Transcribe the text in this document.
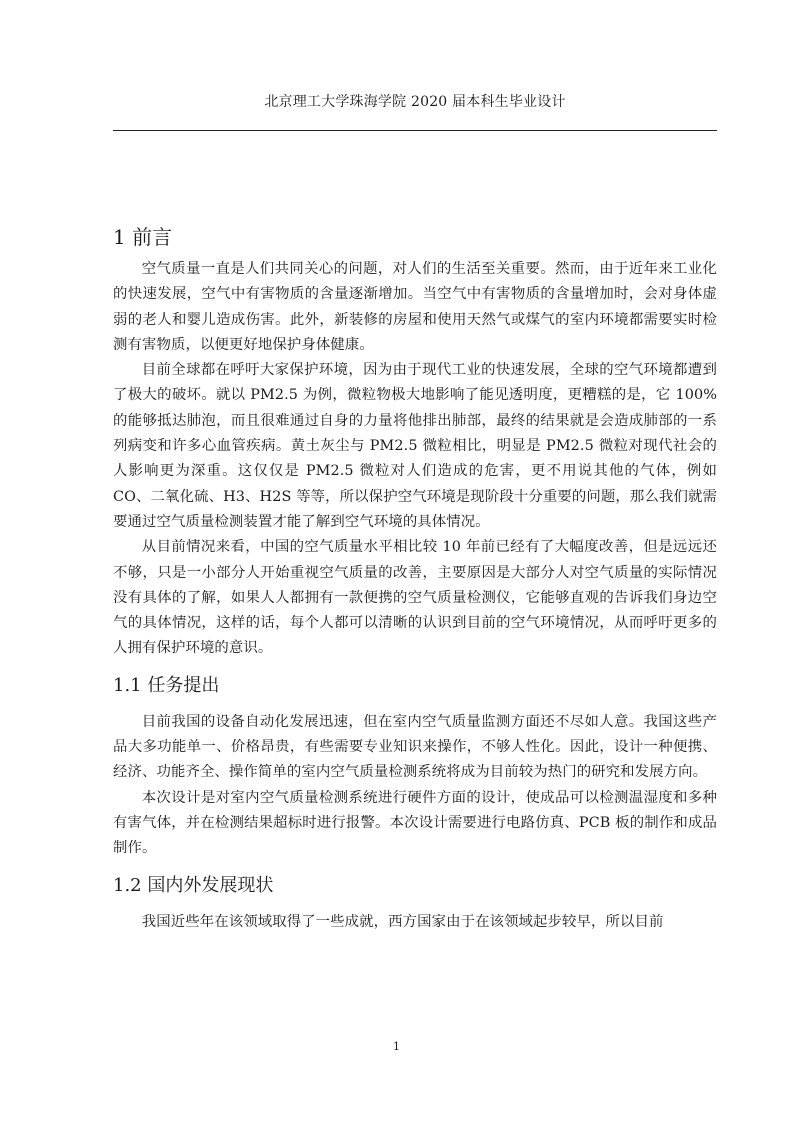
北京理工大学珠海学院 2020 届本科生毕业设计
1 前言

空气质量一直是人们共同关心的问题，对人们的生活至关重要。然而，由于近年来工业化的快速发展，空气中有害物质的含量逐渐增加。当空气中有害物质的含量增加时，会对身体虚弱的老人和婴儿造成伤害。此外，新装修的房屋和使用天然气或煤气的室内环境都需要实时检测有害物质，以便更好地保护身体健康。

目前全球都在呼吁大家保护环境，因为由于现代工业的快速发展，全球的空气环境都遭到了极大的破坏。就以 PM2.5 为例，微粒物极大地影响了能见透明度，更糟糕的是，它 100%的能够抵达肺泡，而且很难通过自身的力量将他排出肺部，最终的结果就是会造成肺部的一系列病变和许多心血管疾病。黄土灰尘与 PM2.5 微粒相比，明显是 PM2.5 微粒对现代社会的人影响更为深重。这仅仅是 PM2.5 微粒对人们造成的危害，更不用说其他的气体，例如 CO、二氧化硫、H3、H2S 等等，所以保护空气环境是现阶段十分重要的问题，那么我们就需要通过空气质量检测装置才能了解到空气环境的具体情况。

从目前情况来看，中国的空气质量水平相比较 10 年前已经有了大幅度改善，但是远远还不够，只是一小部分人开始重视空气质量的改善，主要原因是大部分人对空气质量的实际情况没有具体的了解，如果人人都拥有一款便携的空气质量检测仪，它能够直观的告诉我们身边空气的具体情况，这样的话，每个人都可以清晰的认识到目前的空气环境情况，从而呼吁更多的人拥有保护环境的意识。

1.1 任务提出

目前我国的设备自动化发展迅速，但在室内空气质量监测方面还不尽如人意。我国这些产品大多功能单一、价格昂贵，有些需要专业知识来操作，不够人性化。因此，设计一种便携、经济、功能齐全、操作简单的室内空气质量检测系统将成为目前较为热门的研究和发展方向。

本次设计是对室内空气质量检测系统进行硬件方面的设计，使成品可以检测温湿度和多种有害气体，并在检测结果超标时进行报警。本次设计需要进行电路仿真、PCB 板的制作和成品制作。

1.2 国内外发展现状

我国近些年在该领域取得了一些成就，西方国家由于在该领域起步较早，所以目前

1
